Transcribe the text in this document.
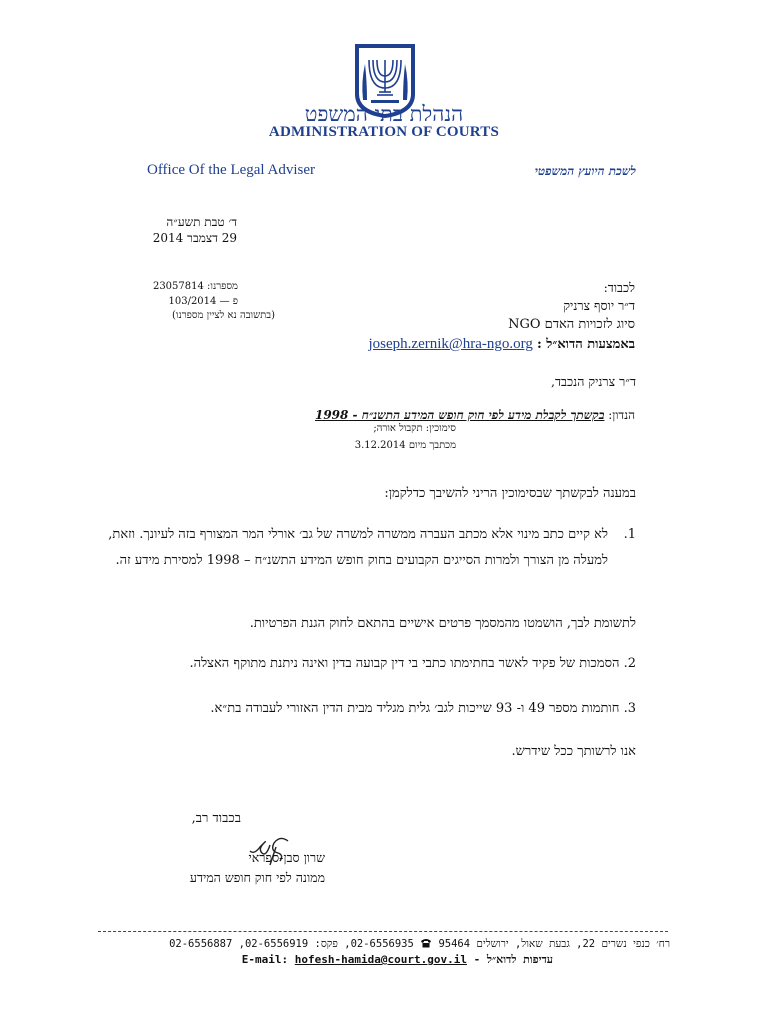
הנהלת בתי המשפט
ADMINISTRATION OF COURTS
Office Of the Legal Adviser	לשכת היועץ המשפטי
ד׳ טבת תשע״ה
29 דצמבר 2014
מספרנו: 23057814
פ — 103/2014
(בתשובה נא לציין מספרנו)
לכבוד:
ד״ר יוסף צרניק
סיוג לזכויות האדם NGO
באמצעות הדוא״ל : joseph.zernik@hra-ngo.org
ד״ר צרניק הנכבד,
הנדון: בקשתך לקבלת מידע לפי חוק חופש המידע התשנ״ח - 1998
סימוכין: תקבול אורה;
מכתבך מיום 3.12.2014
במענה לבקשתך שבסימוכין הריני להשיבך כדלקמן:
1.
לא קיים כתב מינוי אלא מכתב העברה ממשרה למשרה של גב׳ אורלי המר המצורף בזה לעיונך. וזאת, למעלה מן הצורך ולמרות הסייגים הקבועים בחוק חופש המידע התשנ״ח – 1998 למסירת מידע זה.
לתשומת לבך, הושמטו מהמסמך פרטים אישיים בהתאם לחוק הגנת הפרטיות.
2. הסמכות של פקיד לאשר בחתימתו כתבי בי דין קבועה בדין ואינה ניתנת מתוקף האצלה.
3. חותמות מספר 49 ו- 93 שייכות לגב׳ גלית מגליד מבית הדין האזורי לעבודה בת״א.
אנו לרשותך ככל שידרש.
בכבוד רב,
שרון סבן-ספראי
ממונה לפי חוק חופש המידע
רח׳ כנפי נשרים 22, גבעת שאול, ירושלים 95464  02-6556935, פקס: 02-6556919, 02-6556887
עדיפות לדוא״ל - E-mail: hofesh-hamida@court.gov.il
